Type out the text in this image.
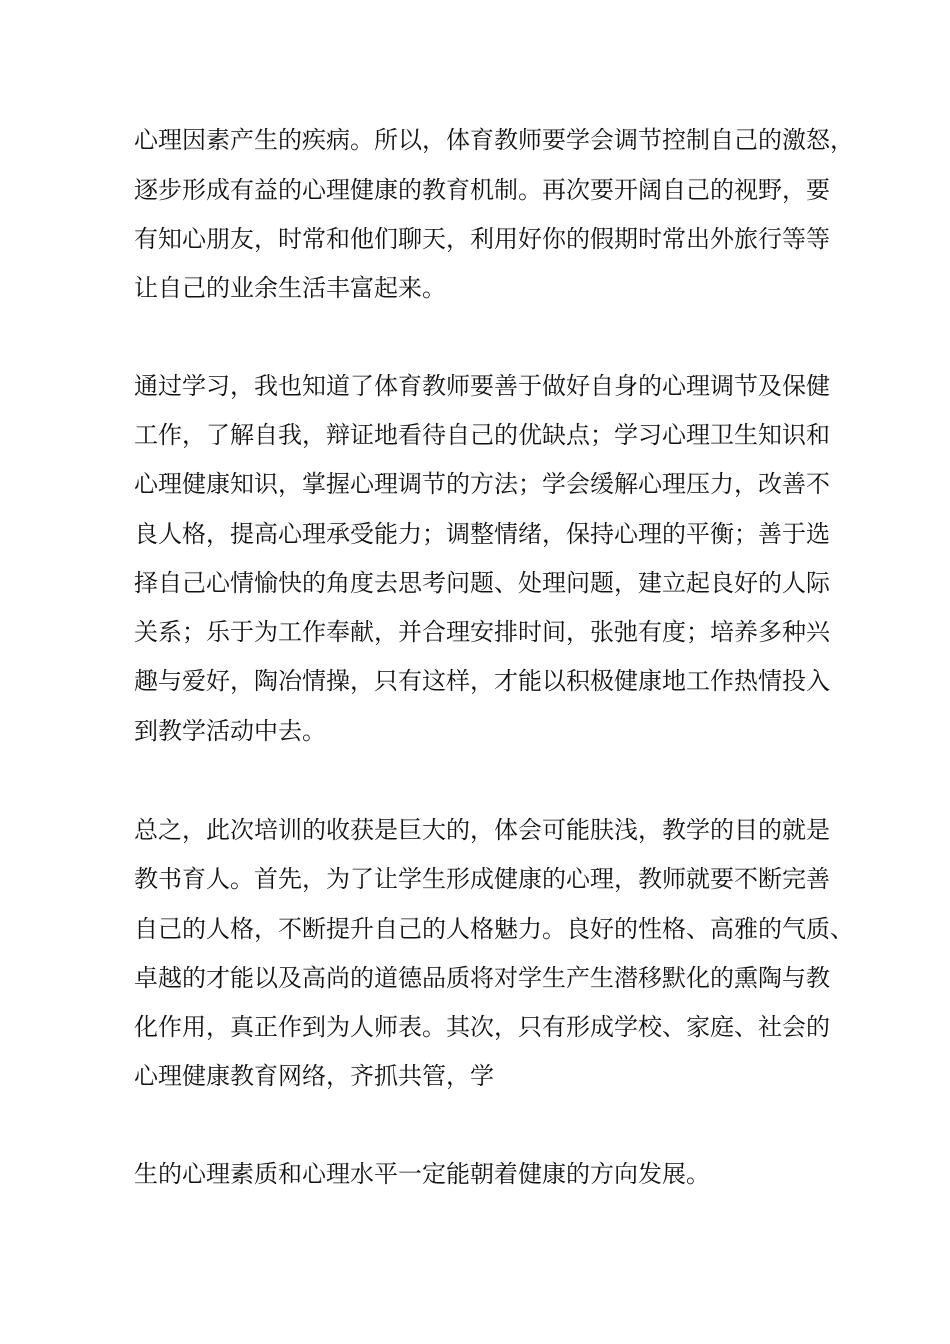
心理因素产生的疾病。所以，体育教师要学会调节控制自己的激怒，
逐步形成有益的心理健康的教育机制。再次要开阔自己的视野，要
有知心朋友，时常和他们聊天，利用好你的假期时常出外旅行等等
让自己的业余生活丰富起来。
通过学习，我也知道了体育教师要善于做好自身的心理调节及保健
工作，了解自我，辩证地看待自己的优缺点；学习心理卫生知识和
心理健康知识，掌握心理调节的方法；学会缓解心理压力，改善不
良人格，提高心理承受能力；调整情绪，保持心理的平衡；善于选
择自己心情愉快的角度去思考问题、处理问题，建立起良好的人际
关系；乐于为工作奉献，并合理安排时间，张弛有度；培养多种兴
趣与爱好，陶冶情操，只有这样，才能以积极健康地工作热情投入
到教学活动中去。
总之，此次培训的收获是巨大的，体会可能肤浅，教学的目的就是
教书育人。首先，为了让学生形成健康的心理，教师就要不断完善
自己的人格，不断提升自己的人格魅力。良好的性格、高雅的气质、
卓越的才能以及高尚的道德品质将对学生产生潜移默化的熏陶与教
化作用，真正作到为人师表。其次，只有形成学校、家庭、社会的
心理健康教育网络，齐抓共管，学
生的心理素质和心理水平一定能朝着健康的方向发展。
